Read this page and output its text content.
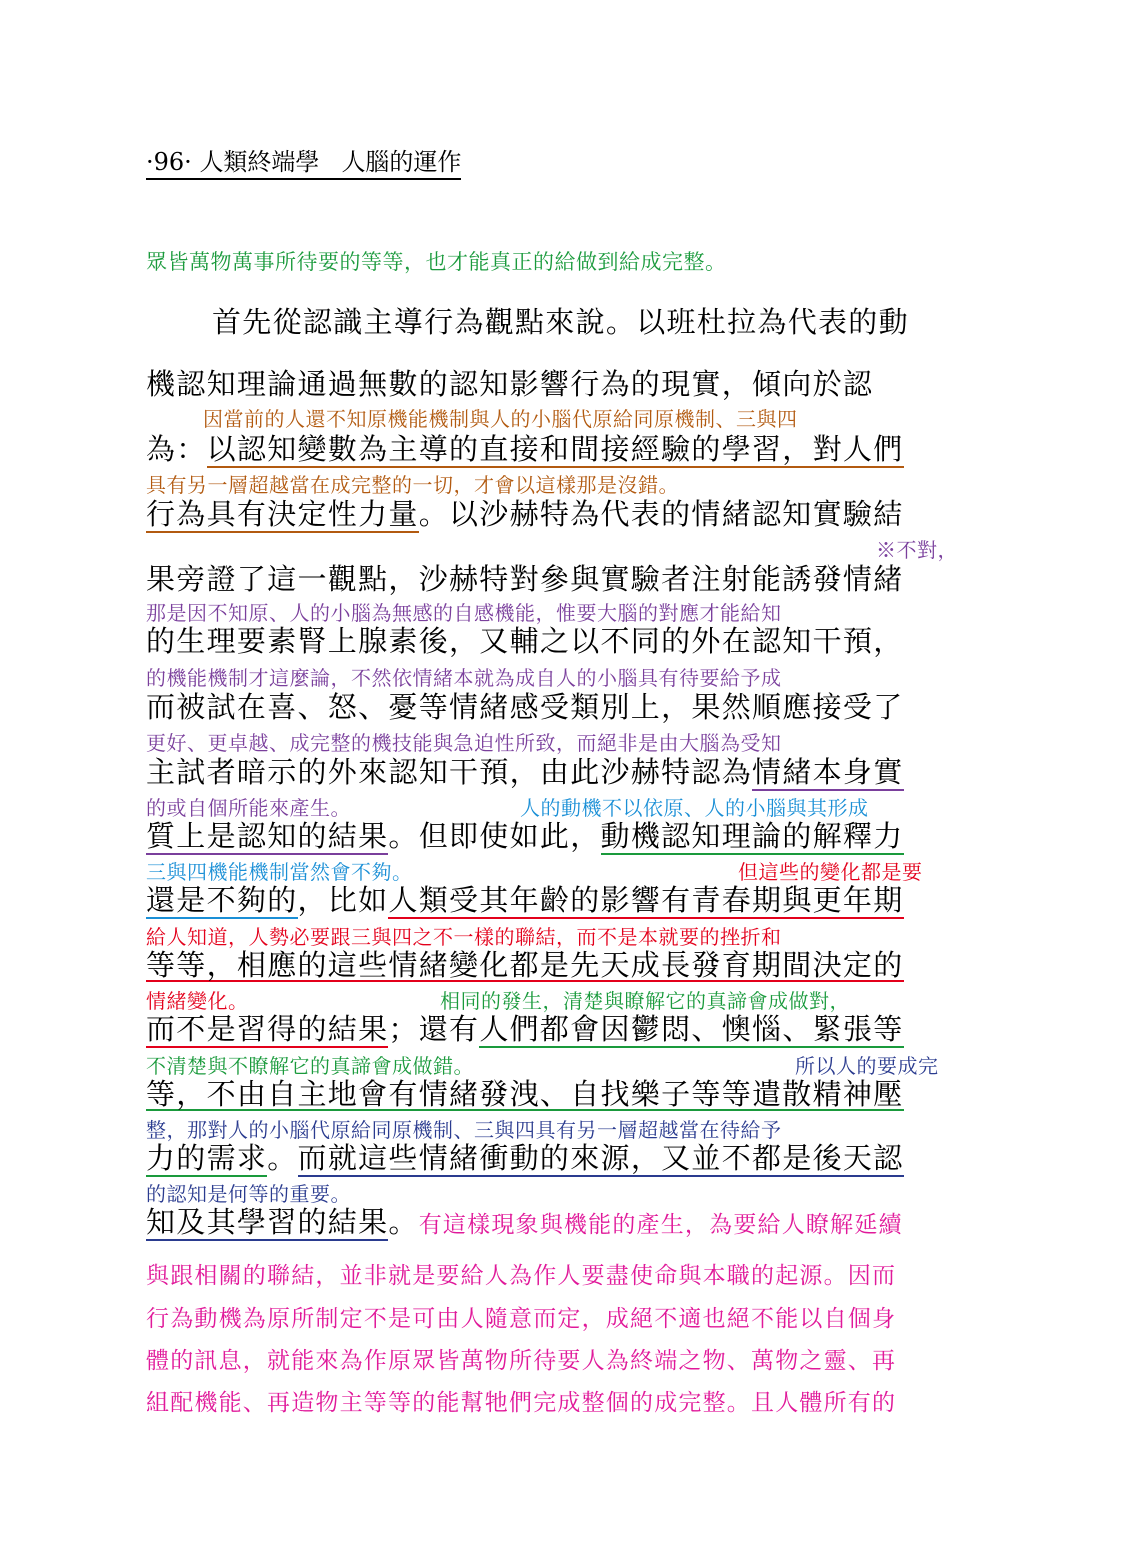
·96· 人類終端學 人腦的運作
眾皆萬物萬事所待要的等等，也才能真正的給做到給成完整。
首先從認識主導行為觀點來說。以班杜拉為代表的動
機認知理論通過無數的認知影響行為的現實，傾向於認
因當前的人還不知原機能機制與人的小腦代原給同原機制、三與四
為：以認知變數為主導的直接和間接經驗的學習，對人們
具有另一層超越當在成完整的一切，才會以這樣那是沒錯。
行為具有決定性力量。以沙赫特為代表的情緒認知實驗結
※不對，
果旁證了這一觀點，沙赫特對參與實驗者注射能誘發情緒
那是因不知原、人的小腦為無感的自感機能，惟要大腦的對應才能給知
的生理要素腎上腺素後，又輔之以不同的外在認知干預，
的機能機制才這麼論，不然依情緒本就為成自人的小腦具有待要給予成
而被試在喜、怒、憂等情緒感受類別上，果然順應接受了
更好、更卓越、成完整的機技能與急迫性所致，而絕非是由大腦為受知
主試者暗示的外來認知干預，由此沙赫特認為情緒本身實
的或自個所能來產生。	人的動機不以依原、人的小腦與其形成
質上是認知的結果。但即使如此，動機認知理論的解釋力
三與四機能機制當然會不夠。	但這些的變化都是要
還是不夠的，比如人類受其年齡的影響有青春期與更年期
給人知道，人勢必要跟三與四之不一樣的聯結，而不是本就要的挫折和
等等，相應的這些情緒變化都是先天成長發育期間決定的
情緒變化。	相同的發生，清楚與瞭解它的真諦會成做對，
而不是習得的結果；還有人們都會因鬱悶、懊惱、緊張等
不清楚與不瞭解它的真諦會成做錯。	所以人的要成完
等，不由自主地會有情緒發洩、自找樂子等等遣散精神壓
整，那對人的小腦代原給同原機制、三與四具有另一層超越當在待給予
力的需求。而就這些情緒衝動的來源，又並不都是後天認
的認知是何等的重要。
知及其學習的結果。有這樣現象與機能的產生，為要給人瞭解延續
與跟相關的聯結，並非就是要給人為作人要盡使命與本職的起源。因而
行為動機為原所制定不是可由人隨意而定，成絕不適也絕不能以自個身
體的訊息，就能來為作原眾皆萬物所待要人為終端之物、萬物之靈、再
組配機能、再造物主等等的能幫牠們完成整個的成完整。且人體所有的
